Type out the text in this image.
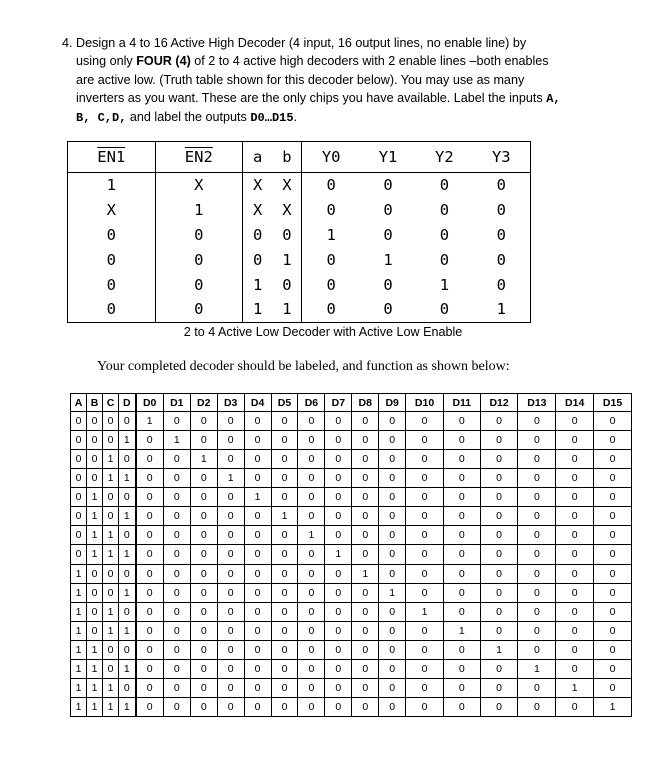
4. Design a 4 to 16 Active High Decoder (4 input, 16 output lines, no enable line) by
using only FOUR (4) of 2 to 4 active high decoders with 2 enable lines –both enables
are active low. (Truth table shown for this decoder below). You may use as many
inverters as you want. These are the only chips you have available. Label the inputs A,
B, C,D, and label the outputs D0…D15.
EN1	EN2	a	b	Y0	Y1	Y2	Y3
1	X	X	X	0	0	0	0
X	1	X	X	0	0	0	0
0	0	0	0	1	0	0	0
0	0	0	1	0	1	0	0
0	0	1	0	0	0	1	0
0	0	1	1	0	0	0	1
2 to 4 Active Low Decoder with Active Low Enable
Your completed decoder should be labeled, and function as shown below:
A	B	C	D	D0	D1	D2	D3	D4	D5	D6	D7	D8	D9	D10	D11	D12	D13	D14	D15
0	0	0	0	1	0	0	0	0	0	0	0	0	0	0	0	0	0	0	0
0	0	0	1	0	1	0	0	0	0	0	0	0	0	0	0	0	0	0	0
0	0	1	0	0	0	1	0	0	0	0	0	0	0	0	0	0	0	0	0
0	0	1	1	0	0	0	1	0	0	0	0	0	0	0	0	0	0	0	0
0	1	0	0	0	0	0	0	1	0	0	0	0	0	0	0	0	0	0	0
0	1	0	1	0	0	0	0	0	1	0	0	0	0	0	0	0	0	0	0
0	1	1	0	0	0	0	0	0	0	1	0	0	0	0	0	0	0	0	0
0	1	1	1	0	0	0	0	0	0	0	1	0	0	0	0	0	0	0	0
1	0	0	0	0	0	0	0	0	0	0	0	1	0	0	0	0	0	0	0
1	0	0	1	0	0	0	0	0	0	0	0	0	1	0	0	0	0	0	0
1	0	1	0	0	0	0	0	0	0	0	0	0	0	1	0	0	0	0	0
1	0	1	1	0	0	0	0	0	0	0	0	0	0	0	1	0	0	0	0
1	1	0	0	0	0	0	0	0	0	0	0	0	0	0	0	1	0	0	0
1	1	0	1	0	0	0	0	0	0	0	0	0	0	0	0	0	1	0	0
1	1	1	0	0	0	0	0	0	0	0	0	0	0	0	0	0	0	1	0
1	1	1	1	0	0	0	0	0	0	0	0	0	0	0	0	0	0	0	1
